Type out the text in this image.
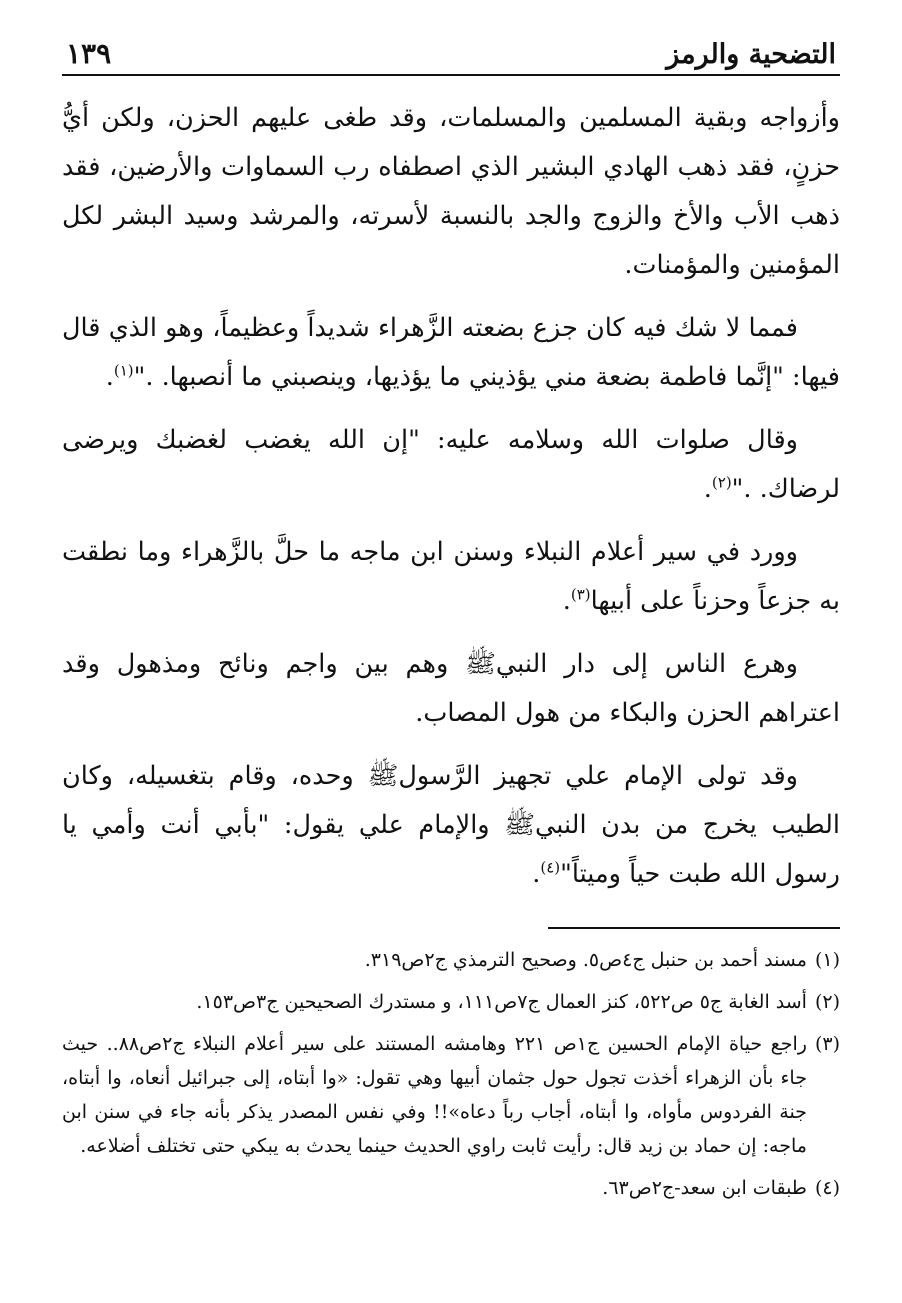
التضحية والرمز
١٣٩

وأزواجه وبقية المسلمين والمسلمات، وقد طغى عليهم الحزن، ولكن أيُّ حزنٍ، فقد ذهب الهادي البشير الذي اصطفاه رب السماوات والأرضين، فقد ذهب الأب والأخ والزوج والجد بالنسبة لأسرته، والمرشد وسيد البشر لكل المؤمنين والمؤمنات.

فمما لا شك فيه كان جزع بضعته الزَّهراء شديداً وعظيماً، وهو الذي قال فيها: "إنَّما فاطمة بضعة مني يؤذيني ما يؤذيها، وينصبني ما أنصبها. ."$^{(١)}$.

وقال صلوات الله وسلامه عليه: "إن الله يغضب لغضبك ويرضى لرضاك. ."$^{(٢)}$.

وورد في سير أعلام النبلاء وسنن ابن ماجه ما حلَّ بالزَّهراء وما نطقت به جزعاً وحزناً على أبيها$^{(٣)}$.

وهرع الناس إلى دار النبيﷺ وهم بين واجم ونائح ومذهول وقد اعتراهم الحزن والبكاء من هول المصاب.

وقد تولى الإمام علي تجهيز الرَّسولﷺ وحده، وقام بتغسيله، وكان الطيب يخرج من بدن النبيﷺ والإمام علي يقول: "بأبي أنت وأمي يا رسول الله طبت حياً وميتاً"$^{(٤)}$.

(١)
مسند أحمد بن حنبل ج٤ص٥. وصحيح الترمذي ج٢ص٣١٩.
(٢)
أسد الغابة ج٥ ص٥٢٢، كنز العمال ج٧ص١١١، و مستدرك الصحيحين ج٣ص١٥٣.
(٣)
راجع حياة الإمام الحسين ج١ص ٢٢١ وهامشه المستند على سير أعلام النبلاء ج٢ص٨٨.. حيث جاء بأن الزهراء أخذت تجول حول جثمان أبيها وهي تقول: «وا أبتاه، إلى جبرائيل أنعاه، وا أبتاه، جنة الفردوس مأواه، وا أبتاه، أجاب رباً دعاه»!! وفي نفس المصدر يذكر بأنه جاء في سنن ابن ماجه: إن حماد بن زيد قال: رأيت ثابت راوي الحديث حينما يحدث به يبكي حتى تختلف أضلاعه.
(٤)
طبقات ابن سعد-ج٢ص٦٣.
